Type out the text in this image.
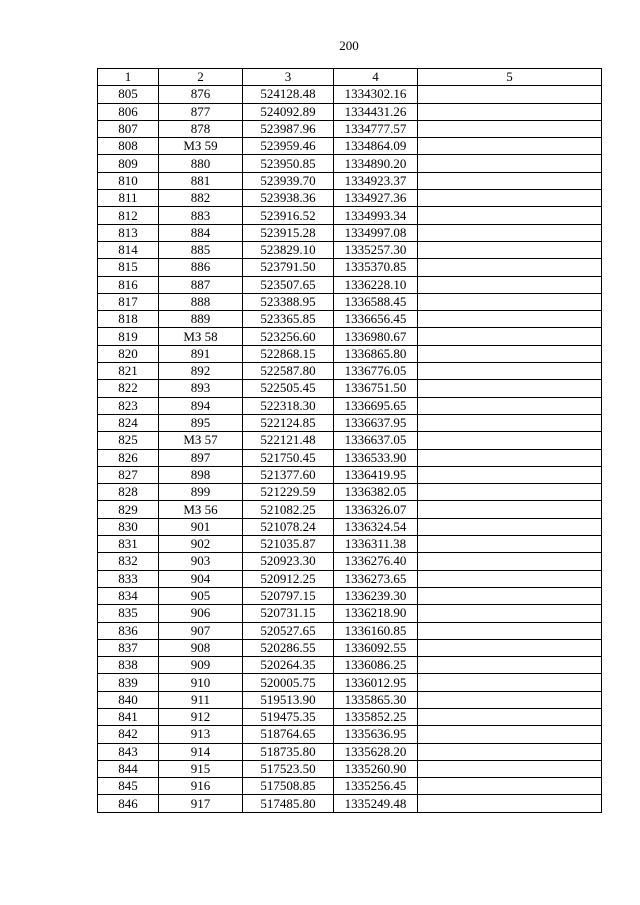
200
1	2	3	4	5
805	876	524128.48	1334302.16	
806	877	524092.89	1334431.26	
807	878	523987.96	1334777.57	
808	МЗ 59	523959.46	1334864.09	
809	880	523950.85	1334890.20	
810	881	523939.70	1334923.37	
811	882	523938.36	1334927.36	
812	883	523916.52	1334993.34	
813	884	523915.28	1334997.08	
814	885	523829.10	1335257.30	
815	886	523791.50	1335370.85	
816	887	523507.65	1336228.10	
817	888	523388.95	1336588.45	
818	889	523365.85	1336656.45	
819	МЗ 58	523256.60	1336980.67	
820	891	522868.15	1336865.80	
821	892	522587.80	1336776.05	
822	893	522505.45	1336751.50	
823	894	522318.30	1336695.65	
824	895	522124.85	1336637.95	
825	МЗ 57	522121.48	1336637.05	
826	897	521750.45	1336533.90	
827	898	521377.60	1336419.95	
828	899	521229.59	1336382.05	
829	МЗ 56	521082.25	1336326.07	
830	901	521078.24	1336324.54	
831	902	521035.87	1336311.38	
832	903	520923.30	1336276.40	
833	904	520912.25	1336273.65	
834	905	520797.15	1336239.30	
835	906	520731.15	1336218.90	
836	907	520527.65	1336160.85	
837	908	520286.55	1336092.55	
838	909	520264.35	1336086.25	
839	910	520005.75	1336012.95	
840	911	519513.90	1335865.30	
841	912	519475.35	1335852.25	
842	913	518764.65	1335636.95	
843	914	518735.80	1335628.20	
844	915	517523.50	1335260.90	
845	916	517508.85	1335256.45	
846	917	517485.80	1335249.48	
